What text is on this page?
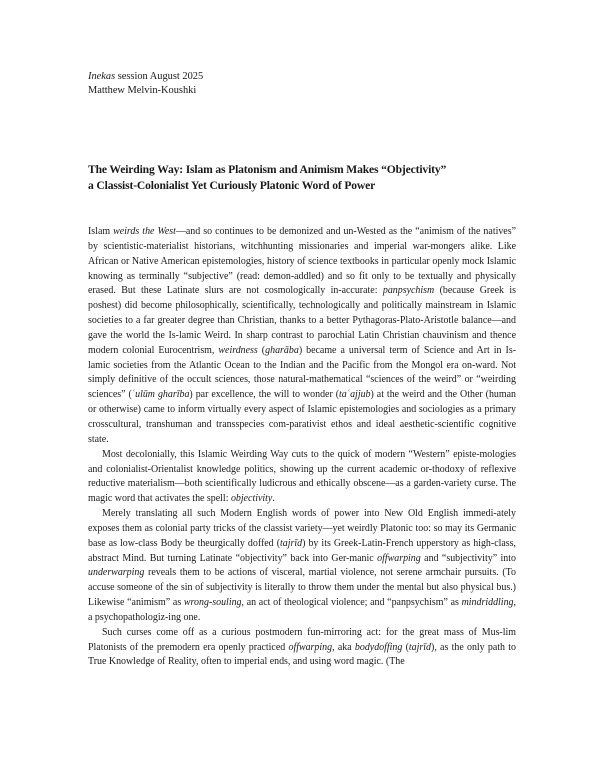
Inekas session August 2025
Matthew Melvin-Koushki
The Weirding Way: Islam as Platonism and Animism Makes “Objectivity”
a Classist-Colonialist Yet Curiously Platonic Word of Power

Islam weirds the West—and so continues to be demonized and un-Wested as the “animism of the natives” by scientistic-materialist historians, witchhunting missionaries and imperial war-mongers alike. Like African or Native American epistemologies, history of science textbooks in particular openly mock Islamic knowing as terminally “subjective” (read: demon-addled) and so fit only to be textually and physically erased. But these Latinate slurs are not cosmologically in-accurate: panpsychism (because Greek is poshest) did become philosophically, scientifically, technologically and politically mainstream in Islamic societies to a far greater degree than Christian, thanks to a better Pythagoras-Plato-Aristotle balance—and gave the world the Is-lamic Weird. In sharp contrast to parochial Latin Christian chauvinism and thence modern colonial Eurocentrism, weirdness (gharāba) became a universal term of Science and Art in Is-lamic societies from the Atlantic Ocean to the Indian and the Pacific from the Mongol era on-ward. Not simply definitive of the occult sciences, those natural-mathematical “sciences of the weird” or “weirding sciences” (ʿulūm gharība) par excellence, the will to wonder (taʿajjub) at the weird and the Other (human or otherwise) came to inform virtually every aspect of Islamic epistemologies and sociologies as a primary crosscultural, transhuman and transspecies com-parativist ethos and ideal aesthetic-scientific cognitive state.

Most decolonially, this Islamic Weirding Way cuts to the quick of modern “Western” episte-mologies and colonialist-Orientalist knowledge politics, showing up the current academic or-thodoxy of reflexive reductive materialism—both scientifically ludicrous and ethically obscene—as a garden-variety curse. The magic word that activates the spell: objectivity.

Merely translating all such Modern English words of power into New Old English immedi-ately exposes them as colonial party tricks of the classist variety—yet weirdly Platonic too: so may its Germanic base as low-class Body be theurgically doffed (tajrīd) by its Greek-Latin-French upperstory as high-class, abstract Mind. But turning Latinate “objectivity” back into Ger-manic offwarping and “subjectivity” into underwarping reveals them to be actions of visceral, martial violence, not serene armchair pursuits. (To accuse someone of the sin of subjectivity is literally to throw them under the mental but also physical bus.) Likewise “animism” as wrong-souling, an act of theological violence; and “panpsychism” as mindriddling, a psychopathologiz-ing one.

Such curses come off as a curious postmodern fun-mirroring act: for the great mass of Mus-lim Platonists of the premodern era openly practiced offwarping, aka bodydoffing (tajrīd), as the only path to True Knowledge of Reality, often to imperial ends, and using word magic. (The
